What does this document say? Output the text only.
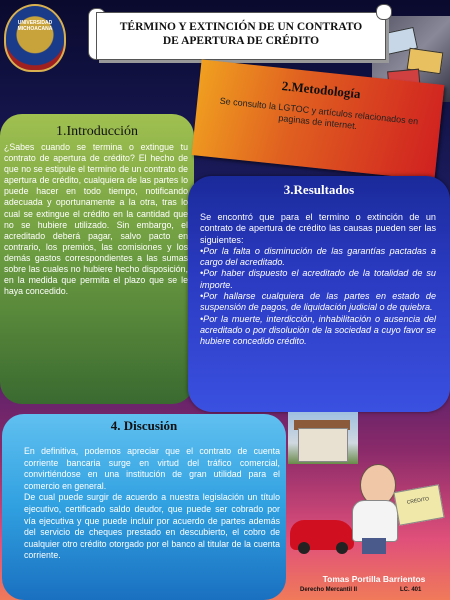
UNIVERSIDAD
MICHOACANA	TÉRMINO Y EXTINCIÓN DE UN CONTRATO
DE APERTURA DE CRÉDITO
1.Introducción
¿Sabes cuando se termina o extingue tu contrato de apertura de crédito? El hecho de que no se estipule el termino de un contrato de apertura de crédito, cualquiera de las partes lo puede hacer en todo tiempo, notificando adecuada y oportunamente a la otra, tras lo cual se extingue el crédito en la cantidad que no se hubiere utilizado. Sin embargo, el acreditado deberá pagar, salvo pacto en contrario, los premios, las comisiones y los demás gastos correspondientes a las sumas sobre las cuales no hubiere hecho disposición, en la medida que permita el plazo que se le haya concedido.
2.Metodología
Se consulto la LGTOC y artículos relacionados en paginas de internet.
3.Resultados

Se encontró que para el termino o extinción de un contrato de apertura de crédito las causas pueden ser las siguientes:

•Por la falta o disminución de las garantías pactadas a cargo del acreditado.

•Por haber dispuesto el acreditado de la totalidad de su importe.

•Por hallarse cualquiera de las partes en estado de suspensión de pagos, de liquidación judicial o de quiebra.

•Por la muerte, interdicción, inhabilitación o ausencia del acreditado o por disolución de la sociedad a cuyo favor se hubiere concedido crédito.

4. Discusión

En definitiva, podemos apreciar que el contrato de cuenta corriente bancaria surge en virtud del tráfico comercial, convirtiéndose en una institución de gran utilidad para el comercio en general.

De cual puede surgir de acuerdo a nuestra legislación un título ejecutivo, certificado saldo deudor, que puede ser cobrado por vía ejecutiva y que puede incluir por acuerdo de partes además del servicio de cheques prestado en descubierto, el cobro de cualquier otro crédito otorgado por el banco al titular de la cuenta corriente.

CRÉDITO
Tomas Portilla Barrientos
Derecho Mercantil II	LC. 401
